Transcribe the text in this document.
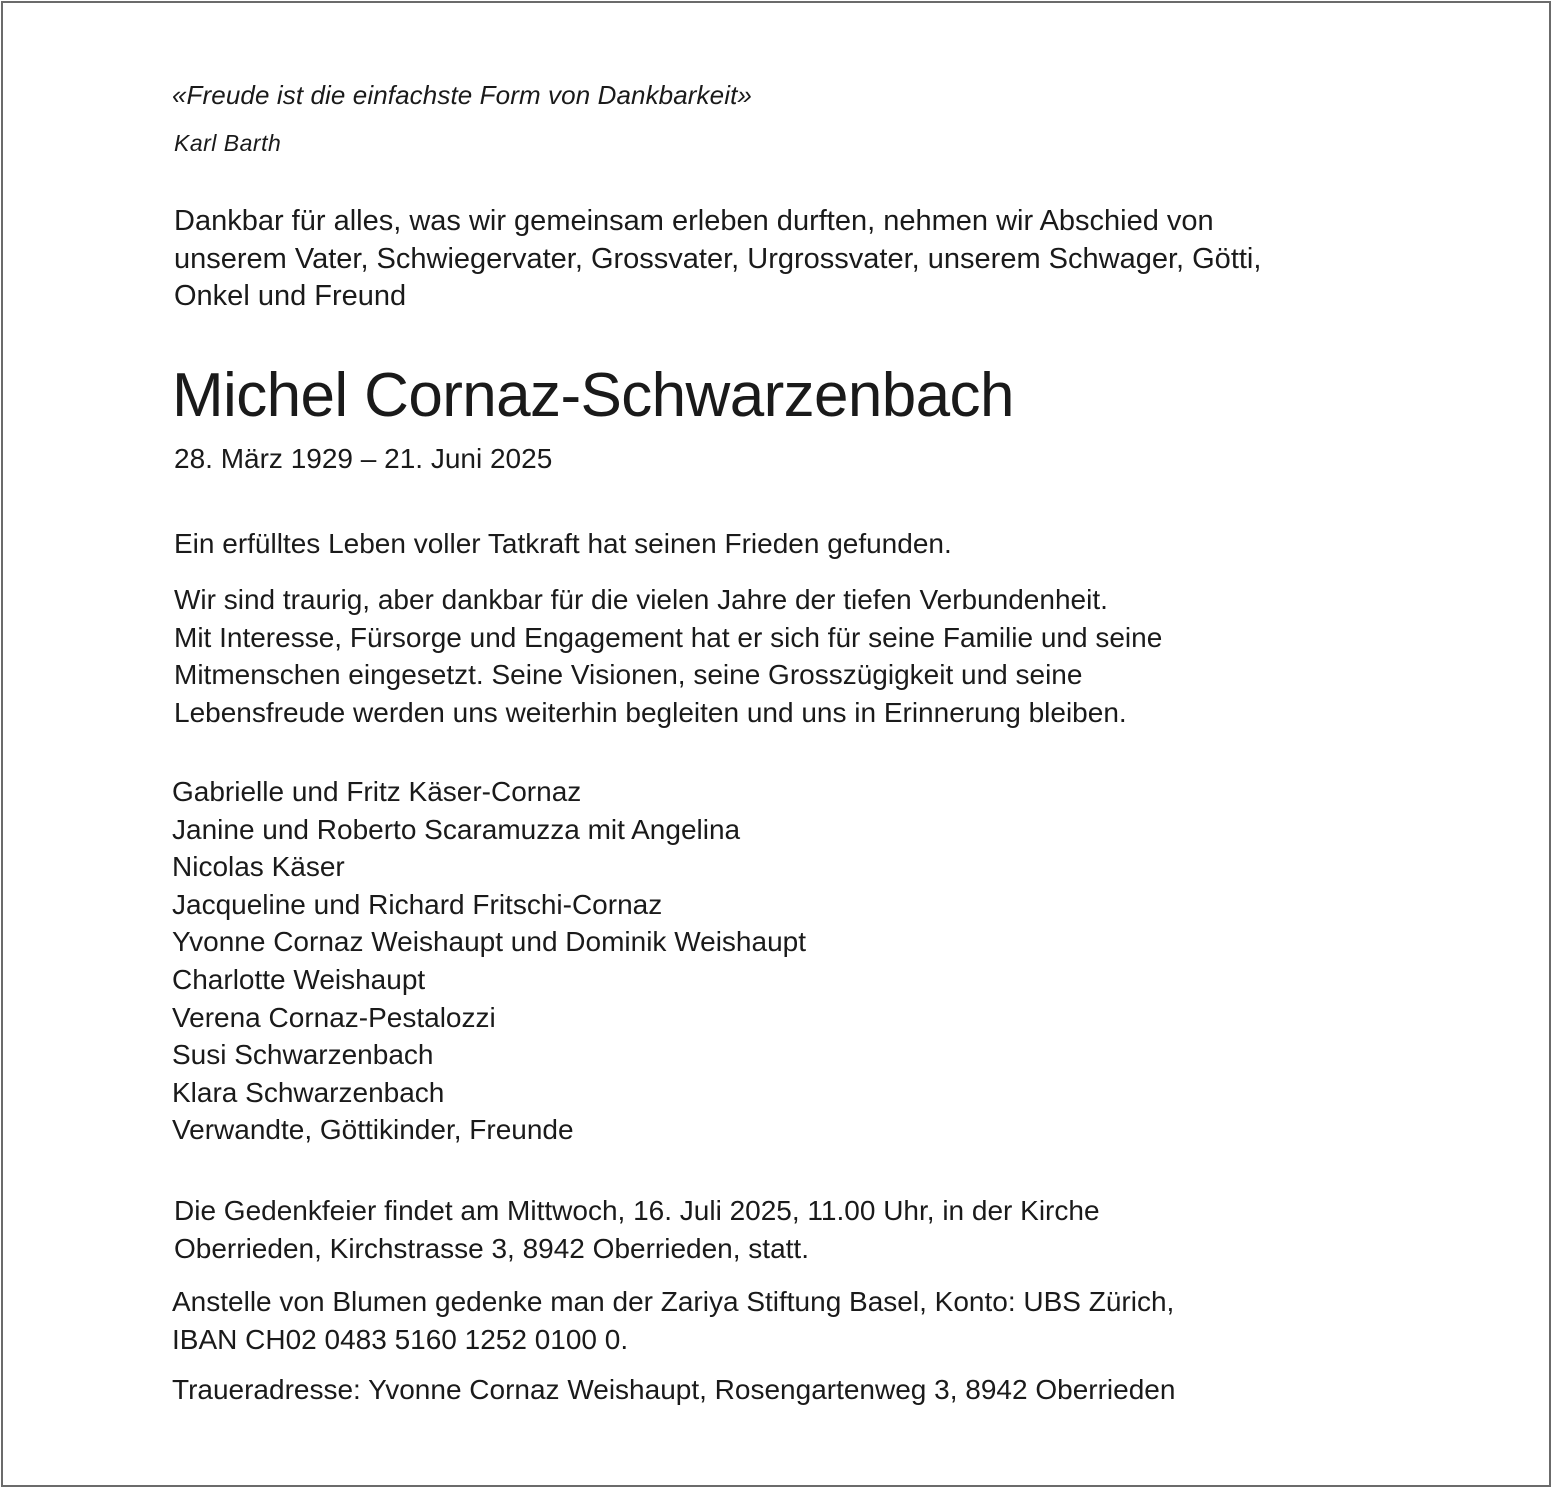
«Freude ist die einfachste Form von Dankbarkeit»
Karl Barth
Dankbar für alles, was wir gemeinsam erleben durften, nehmen wir Abschied von
unserem Vater, Schwiegervater, Grossvater, Urgrossvater, unserem Schwager, Götti,
Onkel und Freund
Michel Cornaz-Schwarzenbach
28. März 1929 – 21. Juni 2025
Ein erfülltes Leben voller Tatkraft hat seinen Frieden gefunden.
Wir sind traurig, aber dankbar für die vielen Jahre der tiefen Verbundenheit.
Mit Interesse, Fürsorge und Engagement hat er sich für seine Familie und seine
Mitmenschen eingesetzt. Seine Visionen, seine Grosszügigkeit und seine
Lebensfreude werden uns weiterhin begleiten und uns in Erinnerung bleiben.
Gabrielle und Fritz Käser-Cornaz
Janine und Roberto Scaramuzza mit Angelina
Nicolas Käser
Jacqueline und Richard Fritschi-Cornaz
Yvonne Cornaz Weishaupt und Dominik Weishaupt
Charlotte Weishaupt
Verena Cornaz-Pestalozzi
Susi Schwarzenbach
Klara Schwarzenbach
Verwandte, Göttikinder, Freunde
Die Gedenkfeier findet am Mittwoch, 16. Juli 2025, 11.00 Uhr, in der Kirche
Oberrieden, Kirchstrasse 3, 8942 Oberrieden, statt.
Anstelle von Blumen gedenke man der Zariya Stiftung Basel, Konto: UBS Zürich,
IBAN CH02 0483 5160 1252 0100 0.
Traueradresse: Yvonne Cornaz Weishaupt, Rosengartenweg 3, 8942 Oberrieden
